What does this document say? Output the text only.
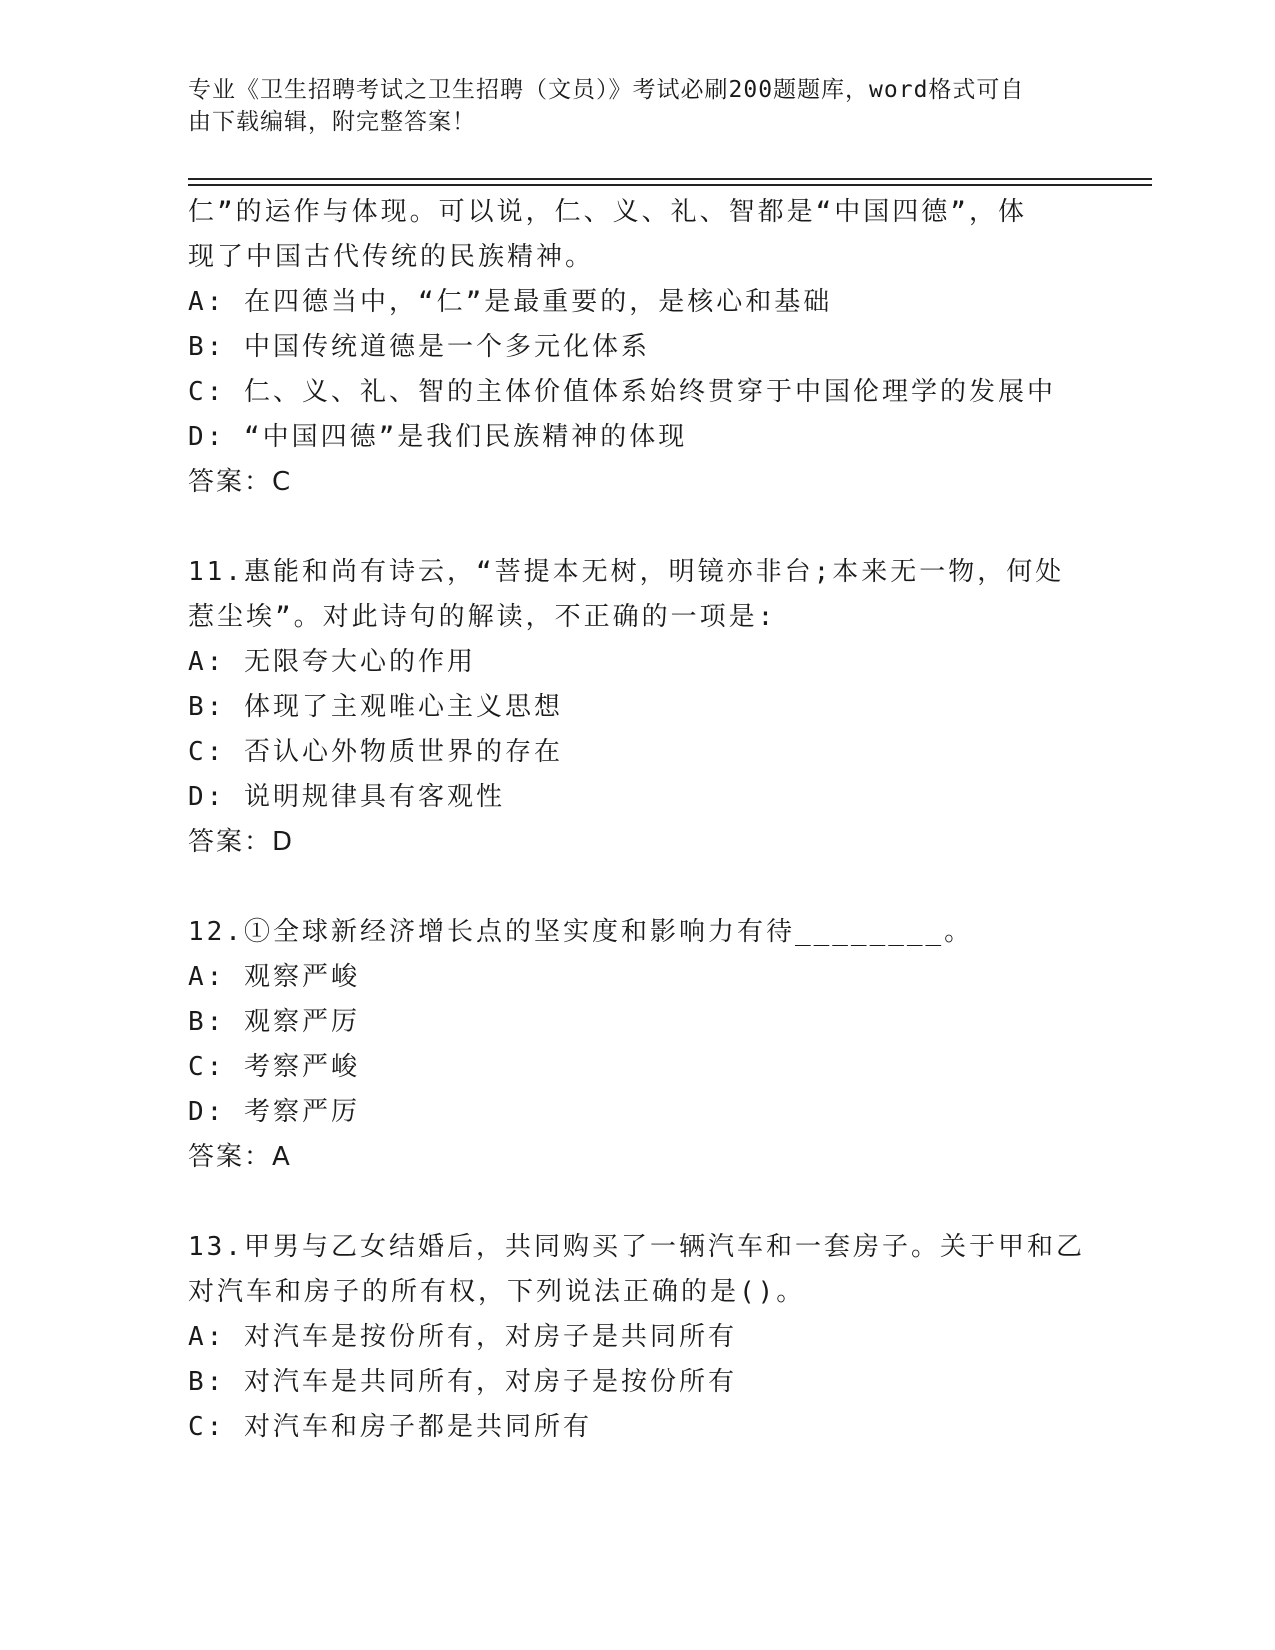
专业《卫生招聘考试之卫生招聘（文员）》考试必刷200题题库，word格式可自
由下载编辑，附完整答案！
仁”的运作与体现。可以说，仁、义、礼、智都是“中国四德”，体
现了中国古代传统的民族精神。
A: 在四德当中，“仁”是最重要的，是核心和基础
B: 中国传统道德是一个多元化体系
C: 仁、义、礼、智的主体价值体系始终贯穿于中国伦理学的发展中
D: “中国四德”是我们民族精神的体现
答案：C
11.惠能和尚有诗云，“菩提本无树，明镜亦非台;本来无一物，何处
惹尘埃”。对此诗句的解读，不正确的一项是:
A: 无限夸大心的作用
B: 体现了主观唯心主义思想
C: 否认心外物质世界的存在
D: 说明规律具有客观性
答案：D
12.①全球新经济增长点的坚实度和影响力有待________。
A: 观察严峻
B: 观察严厉
C: 考察严峻
D: 考察严厉
答案：A
13.甲男与乙女结婚后，共同购买了一辆汽车和一套房子。关于甲和乙
对汽车和房子的所有权，下列说法正确的是()。
A: 对汽车是按份所有，对房子是共同所有
B: 对汽车是共同所有，对房子是按份所有
C: 对汽车和房子都是共同所有
